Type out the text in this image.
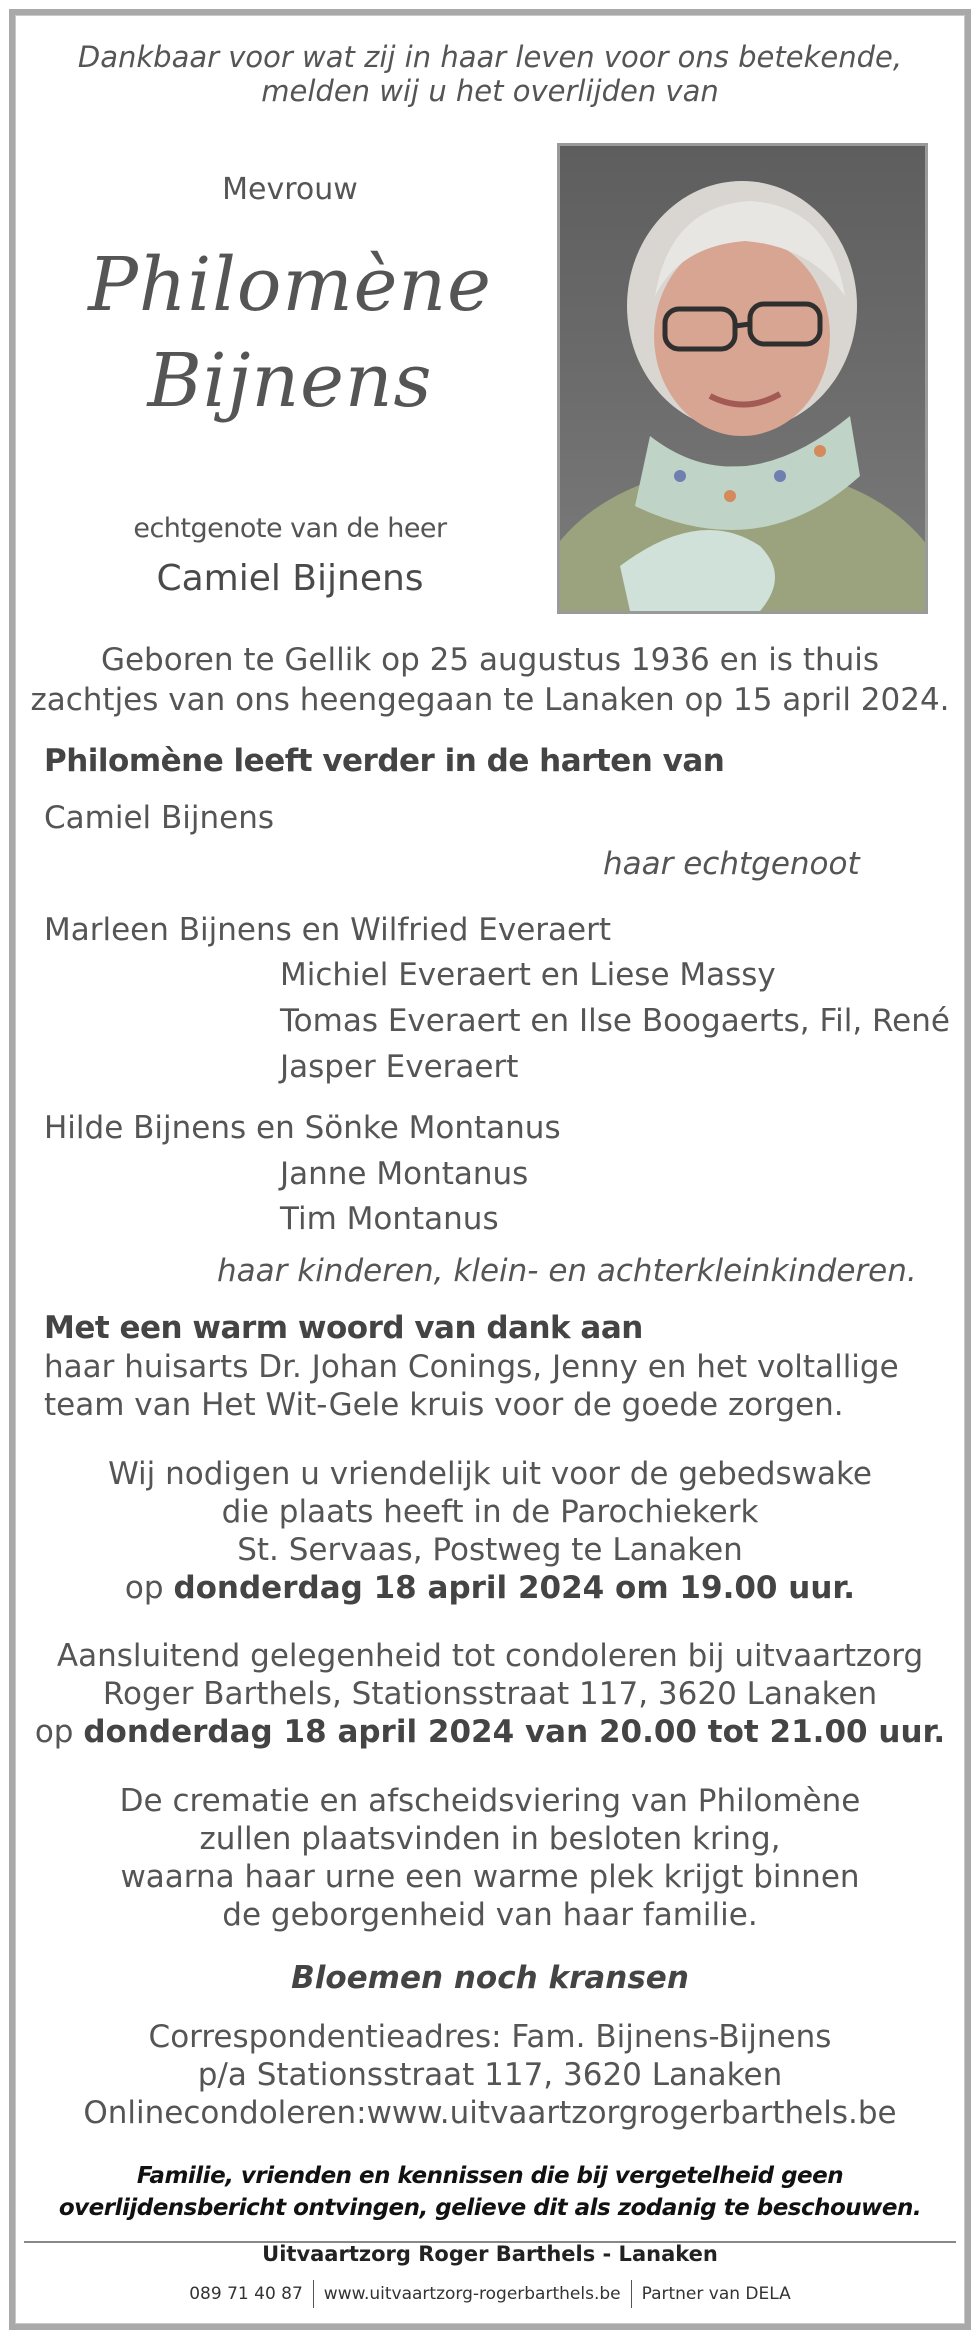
Dankbaar voor wat zij in haar leven voor ons betekende,
melden wij u het overlijden van
Mevrouw
Philomène
Bijnens
echtgenote van de heer
Camiel Bijnens
Geboren te Gellik op 25 augustus 1936 en is thuis
zachtjes van ons heengegaan te Lanaken op 15 april 2024.
Philomène leeft verder in de harten van
Camiel Bijnens
haar echtgenoot
Marleen Bijnens en Wilfried Everaert
Michiel Everaert en Liese Massy
Tomas Everaert en Ilse Boogaerts, Fil, René
Jasper Everaert
Hilde Bijnens en Sönke Montanus
Janne Montanus
Tim Montanus
haar kinderen, klein- en achterkleinkinderen.
Met een warm woord van dank aan
haar huisarts Dr. Johan Conings, Jenny en het voltallige
team van Het Wit-Gele kruis voor de goede zorgen.
Wij nodigen u vriendelijk uit voor de gebedswake
die plaats heeft in de Parochiekerk
St. Servaas, Postweg te Lanaken
op donderdag 18 april 2024 om 19.00 uur.
Aansluitend gelegenheid tot condoleren bij uitvaartzorg
Roger Barthels, Stationsstraat 117, 3620 Lanaken
op donderdag 18 april 2024 van 20.00 tot 21.00 uur.
De crematie en afscheidsviering van Philomène
zullen plaatsvinden in besloten kring,
waarna haar urne een warme plek krijgt binnen
de geborgenheid van haar familie.
Bloemen noch kransen
Correspondentieadres: Fam. Bijnens-Bijnens
p/a Stationsstraat 117, 3620 Lanaken
Onlinecondoleren:www.uitvaartzorgrogerbarthels.be
Familie, vrienden en kennissen die bij vergetelheid geen
overlijdensbericht ontvingen, gelieve dit als zodanig te beschouwen.
Uitvaartzorg Roger Barthels - Lanaken
089 71 40 87 www.uitvaartzorg-rogerbarthels.be Partner van DELA
